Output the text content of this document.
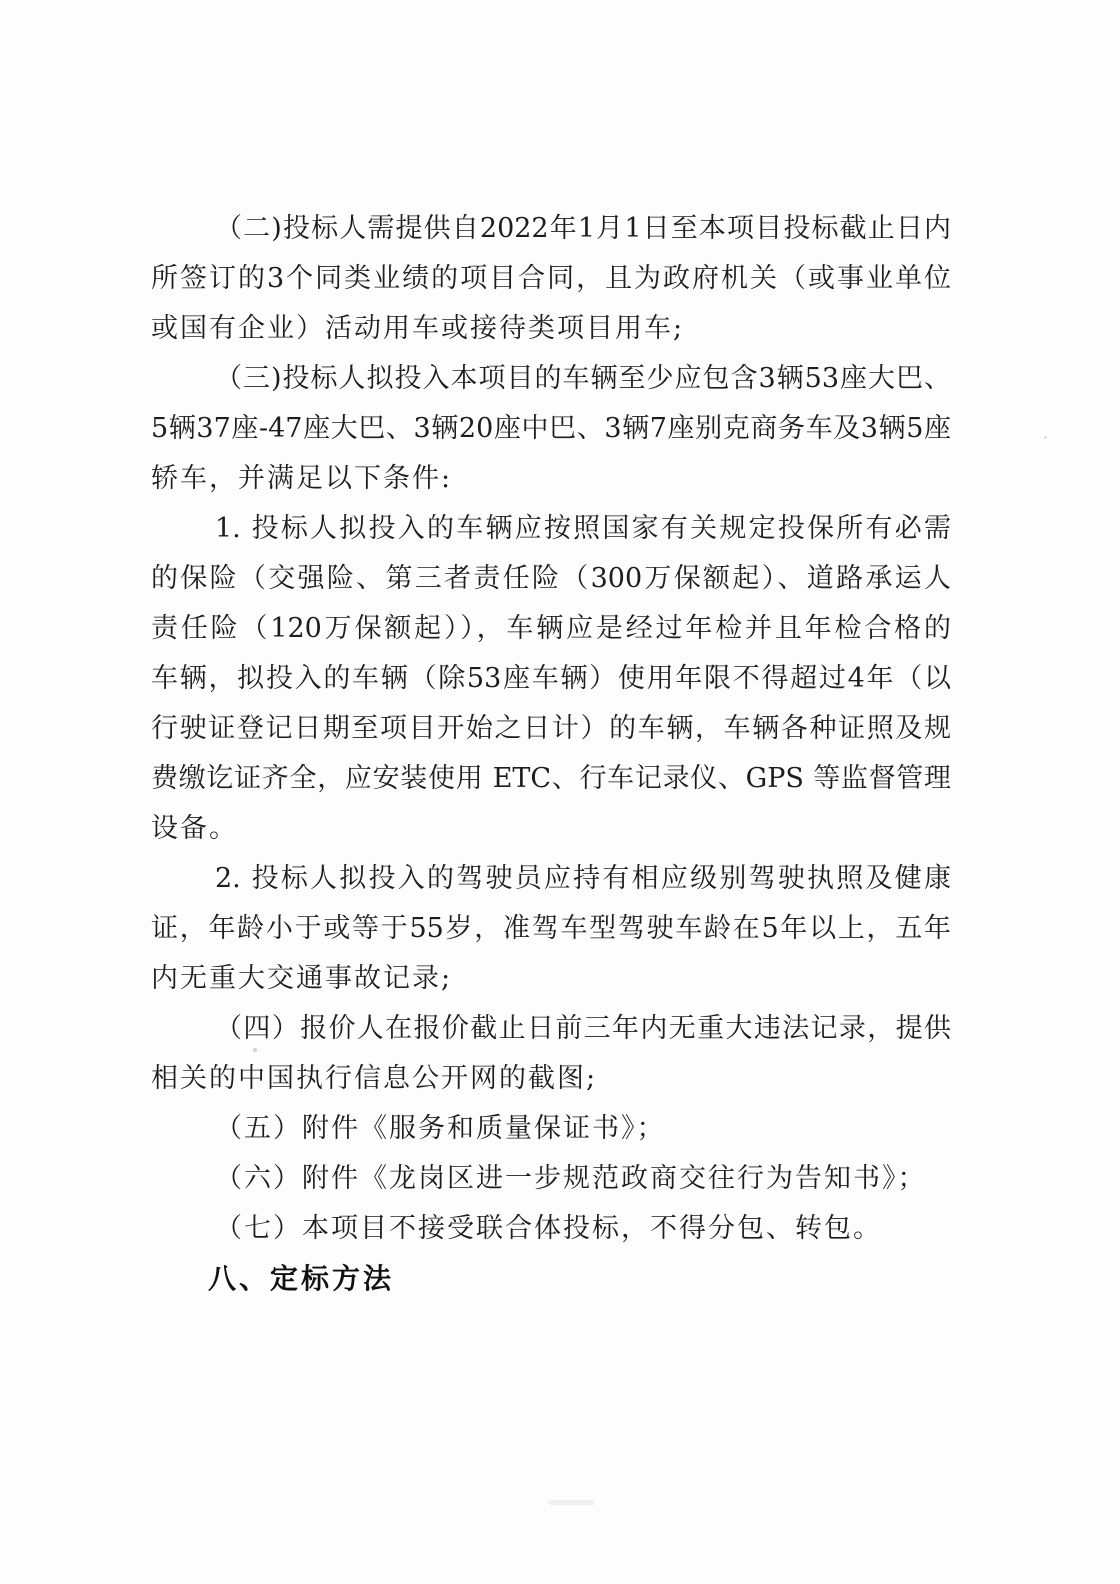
（二)投标人需提供自2022年1月1日至本项目投标截止日内
所签订的3个同类业绩的项目合同，且为政府机关（或事业单位
或国有企业）活动用车或接待类项目用车;
（三)投标人拟投入本项目的车辆至少应包含3辆53座大巴、
5辆37座-47座大巴、3辆20座中巴、3辆7座别克商务车及3辆5座
轿车，并满足以下条件:
1. 投标人拟投入的车辆应按照国家有关规定投保所有必需
的保险（交强险、第三者责任险（300万保额起）、道路承运人
责任险（120万保额起）），车辆应是经过年检并且年检合格的
车辆，拟投入的车辆（除53座车辆）使用年限不得超过4年（以
行驶证登记日期至项目开始之日计）的车辆，车辆各种证照及规
费缴讫证齐全，应安装使用 ETC、行车记录仪、GPS 等监督管理
设备。
2. 投标人拟投入的驾驶员应持有相应级别驾驶执照及健康
证，年龄小于或等于55岁，准驾车型驾驶车龄在5年以上，五年
内无重大交通事故记录;
（四）报价人在报价截止日前三年内无重大违法记录，提供
相关的中国执行信息公开网的截图;
（五）附件《服务和质量保证书》；
（六）附件《龙岗区进一步规范政商交往行为告知书》；
（七）本项目不接受联合体投标，不得分包、转包。
八、定标方法
